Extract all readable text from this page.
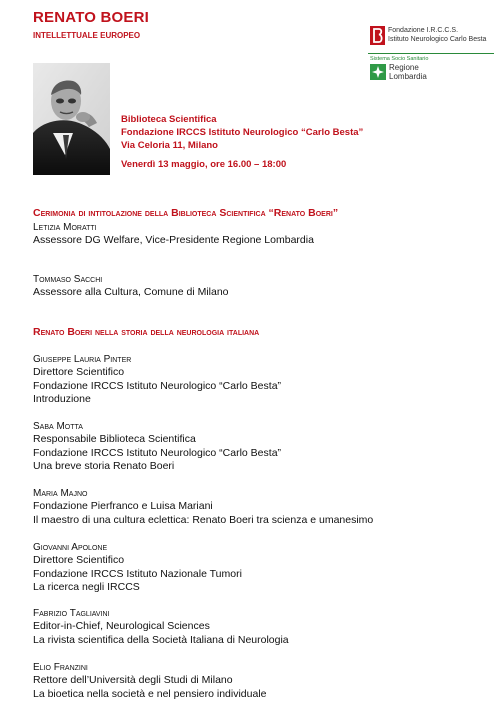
RENATO BOERI
INTELLETTUALE EUROPEO
Fondazione I.R.C.C.S.
Istituto Neurologico Carlo Besta
Sistema Socio Sanitario
Regione
Lombardia
Biblioteca Scientifica
Fondazione IRCCS Istituto Neurologico “Carlo Besta”
Via Celoria 11, Milano
Venerdì 13 maggio, ore 16.00 – 18:00
Cerimonia di intitolazione della Biblioteca Scientifica “Renato Boeri”
Letizia Moratti
Assessore DG Welfare, Vice-Presidente Regione Lombardia
Tommaso Sacchi
Assessore alla Cultura, Comune di Milano
Renato Boeri nella storia della neurologia italiana
Giuseppe Lauria Pinter
Direttore Scientifico
Fondazione IRCCS Istituto Neurologico “Carlo Besta”
Introduzione
Saba Motta
Responsabile Biblioteca Scientifica
Fondazione IRCCS Istituto Neurologico “Carlo Besta”
Una breve storia Renato Boeri
Maria Majno
Fondazione Pierfranco e Luisa Mariani
Il maestro di una cultura eclettica: Renato Boeri tra scienza e umanesimo
Giovanni Apolone
Direttore Scientifico
Fondazione IRCCS Istituto Nazionale Tumori
La ricerca negli IRCCS
Fabrizio Tagliavini
Editor-in-Chief, Neurological Sciences
La rivista scientifica della Società Italiana di Neurologia
Elio Franzini
Rettore dell’Università degli Studi di Milano
La bioetica nella società e nel pensiero individuale
